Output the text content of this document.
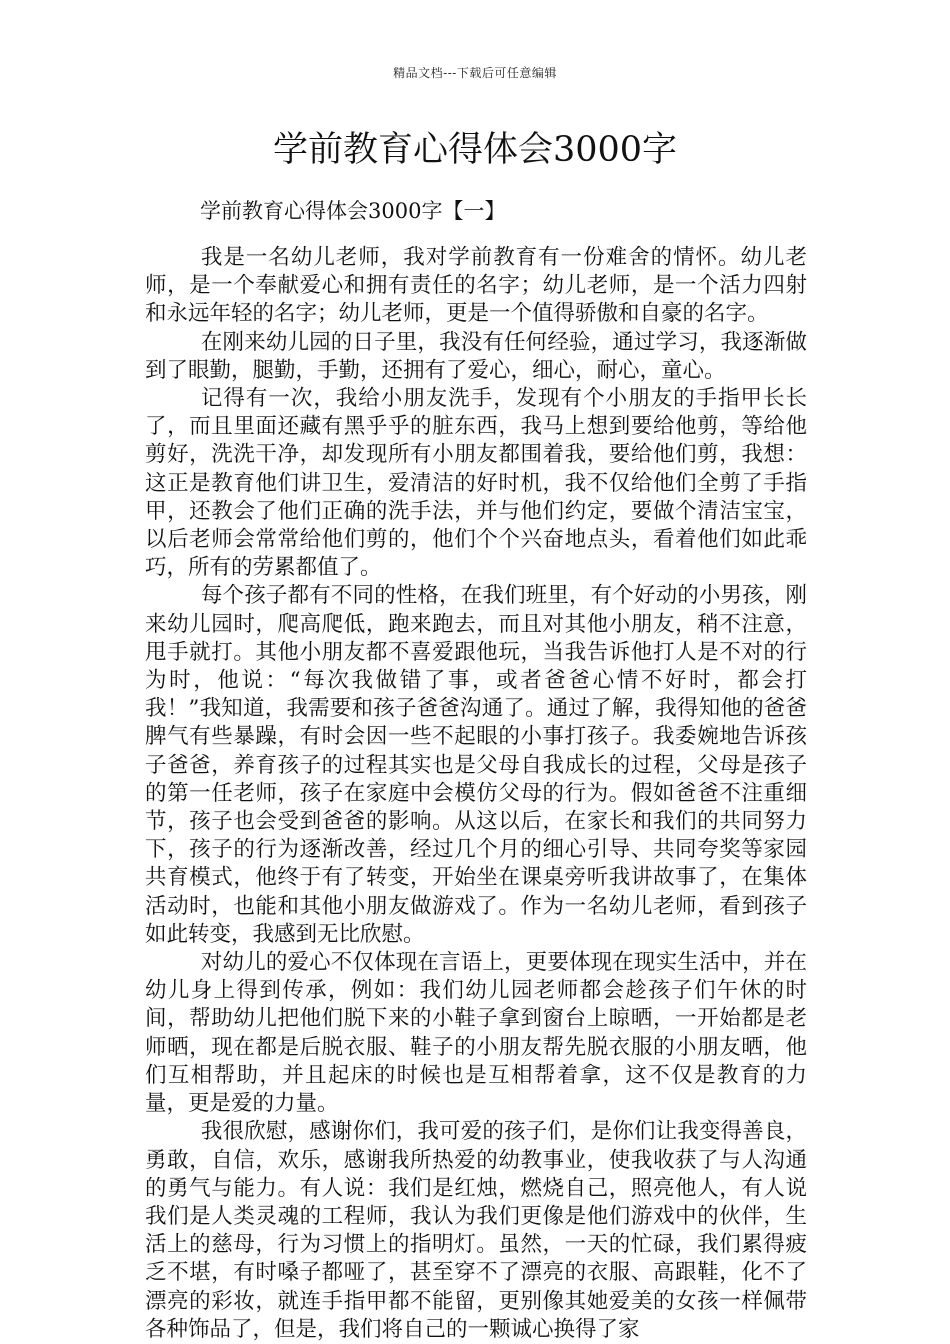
精品文档---下载后可任意编辑
学前教育心得体会3000字
学前教育心得体会3000字【一】

我是一名幼儿老师，我对学前教育有一份难舍的情怀。幼儿老师，是一个奉献爱心和拥有责任的名字；幼儿老师，是一个活力四射和永远年轻的名字；幼儿老师，更是一个值得骄傲和自豪的名字。

在刚来幼儿园的日子里，我没有任何经验，通过学习，我逐渐做到了眼勤，腿勤，手勤，还拥有了爱心，细心，耐心，童心。

记得有一次，我给小朋友洗手，发现有个小朋友的手指甲长长了，而且里面还藏有黑乎乎的脏东西，我马上想到要给他剪，等给他剪好，洗洗干净，却发现所有小朋友都围着我，要给他们剪，我想：这正是教育他们讲卫生，爱清洁的好时机，我不仅给他们全剪了手指甲，还教会了他们正确的洗手法，并与他们约定，要做个清洁宝宝，以后老师会常常给他们剪的，他们个个兴奋地点头，看着他们如此乖巧，所有的劳累都值了。

每个孩子都有不同的性格，在我们班里，有个好动的小男孩，刚来幼儿园时，爬高爬低，跑来跑去，而且对其他小朋友，稍不注意，甩手就打。其他小朋友都不喜爱跟他玩，当我告诉他打人是不对的行为时，他说：“每次我做错了事，或者爸爸心情不好时，都会打我！”我知道，我需要和孩子爸爸沟通了。通过了解，我得知他的爸爸脾气有些暴躁，有时会因一些不起眼的小事打孩子。我委婉地告诉孩子爸爸，养育孩子的过程其实也是父母自我成长的过程，父母是孩子的第一任老师，孩子在家庭中会模仿父母的行为。假如爸爸不注重细节，孩子也会受到爸爸的影响。从这以后，在家长和我们的共同努力下，孩子的行为逐渐改善，经过几个月的细心引导、共同夸奖等家园共育模式，他终于有了转变，开始坐在课桌旁听我讲故事了，在集体活动时，也能和其他小朋友做游戏了。作为一名幼儿老师，看到孩子如此转变，我感到无比欣慰。

对幼儿的爱心不仅体现在言语上，更要体现在现实生活中，并在幼儿身上得到传承，例如：我们幼儿园老师都会趁孩子们午休的时间，帮助幼儿把他们脱下来的小鞋子拿到窗台上晾晒，一开始都是老师晒，现在都是后脱衣服、鞋子的小朋友帮先脱衣服的小朋友晒，他们互相帮助，并且起床的时候也是互相帮着拿，这不仅是教育的力量，更是爱的力量。

我很欣慰，感谢你们，我可爱的孩子们，是你们让我变得善良，勇敢，自信，欢乐，感谢我所热爱的幼教事业，使我收获了与人沟通的勇气与能力。有人说：我们是红烛，燃烧自己，照亮他人，有人说我们是人类灵魂的工程师，我认为我们更像是他们游戏中的伙伴，生活上的慈母，行为习惯上的指明灯。虽然，一天的忙碌，我们累得疲乏不堪，有时嗓子都哑了，甚至穿不了漂亮的衣服、高跟鞋，化不了漂亮的彩妆，就连手指甲都不能留，更别像其她爱美的女孩一样佩带各种饰品了，但是，我们将自己的一颗诚心换得了家
